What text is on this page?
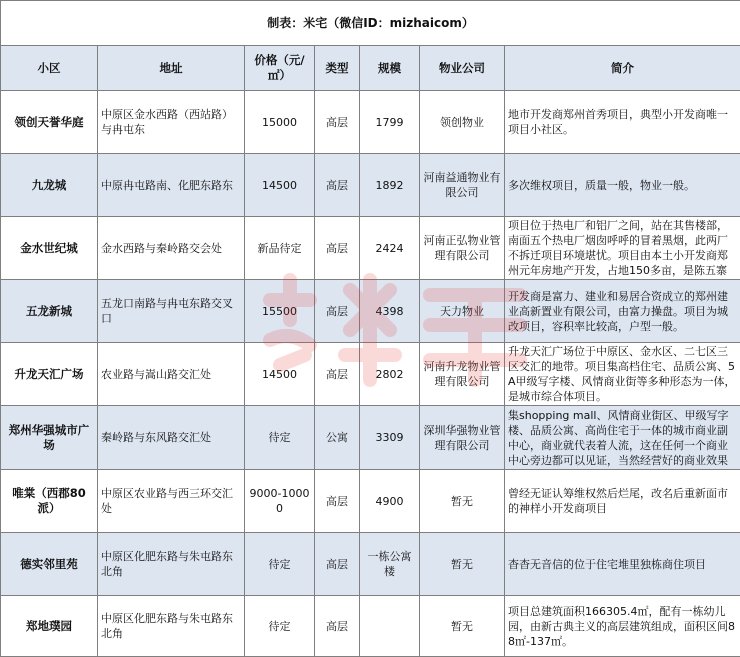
制表：米宅（微信ID：mizhaicom）						
小区	地址	价格（元/㎡）	类型	规模	物业公司	简介
领创天誉华庭	中原区金水西路（西站路）与冉屯东	15000	高层	1799	领创物业	地市开发商郑州首秀项目，典型小开发商唯一项目小社区。
九龙城	中原冉屯路南、化肥东路东	14500	高层	1892	河南益通物业有限公司	多次维权项目，质量一般，物业一般。
金水世纪城	金水西路与秦岭路交会处	新品待定	高层	2424	河南正弘物业管理有限公司	项目位于热电厂和铝厂之间，站在其售楼部，南面五个热电厂烟囱呼呼的冒着黑烟，此两厂不拆迁项目环境堪忧。项目由本土小开发商郑州元年房地产开发，占地150多亩，是陈五寨
五龙新城	五龙口南路与冉屯东路交叉口	15500	高层	4398	天力物业	开发商是富力、建业和易居合资成立的郑州建业高新置业有限公司，由富力操盘。项目为城改项目，容积率比较高，户型一般。
升龙天汇广场	农业路与嵩山路交汇处	14500	高层	2802	河南升龙物业管理有限公司	升龙天汇广场位于中原区、金水区、二七区三区交汇的地带。项目集高档住宅、品质公寓、5A甲级写字楼、风情商业街等多种形态为一体，是城市综合体项目。
郑州华强城市广场	秦岭路与东风路交汇处	待定	公寓	3309	深圳华强物业管理有限公司	集shopping mall、风情商业街区、甲级写字楼、品质公寓、高尚住宅于一体的城市商业副中心，商业就代表着人流，这在任何一个商业中心旁边都可以见证，当然经营好的商业效果
唯棠（西郡80派）	中原区农业路与西三环交汇处	9000-10000	高层	4900	暂无	曾经无证认筹维权然后烂尾，改名后重新面市的神样小开发商项目
德实邻里苑	中原区化肥东路与朱屯路东北角	待定	高层	一栋公寓楼	暂无	杳杳无音信的位于住宅堆里独栋商住项目
郑地璞园	中原区化肥东路与朱屯路东北角	待定	高层		暂无	项目总建筑面积166305.4㎡，配有一栋幼儿园，由新古典主义的高层建筑组成，面积区间88㎡-137㎡。
